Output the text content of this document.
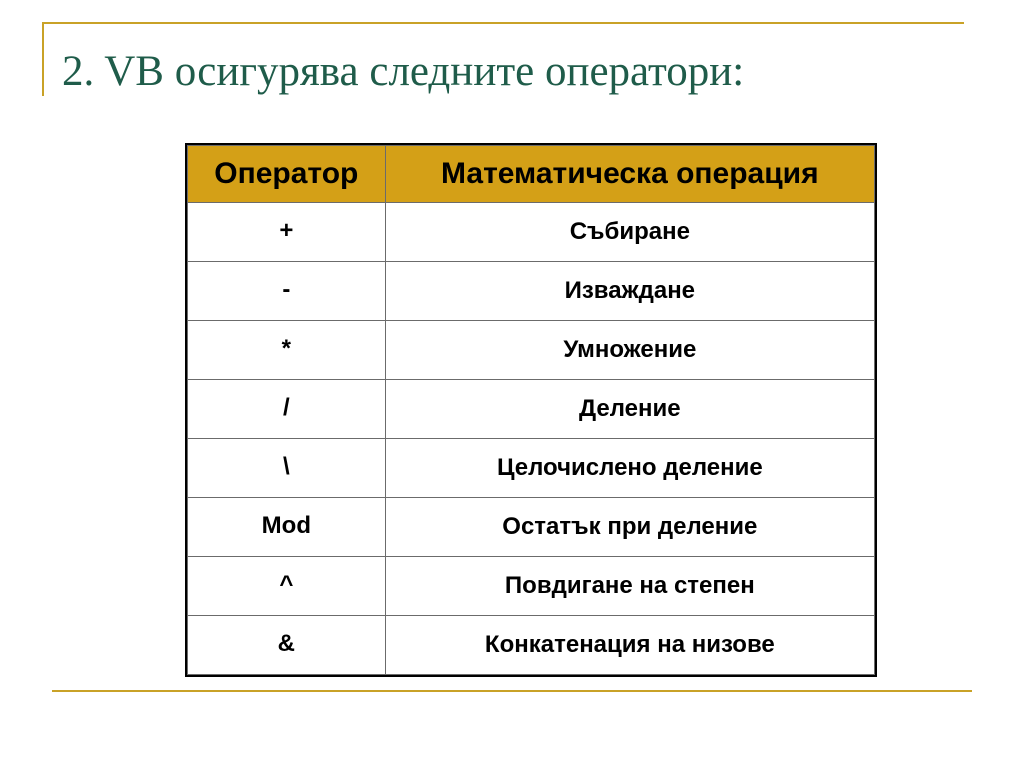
2. VB осигурява следните оператори:
Оператор	Математическа операция
+	Събиране
-	Изваждане
*	Умножение
/	Деление
\	Целочислено деление
Mod	Остатък при деление
^	Повдигане на степен
&	Конкатенация на низове
